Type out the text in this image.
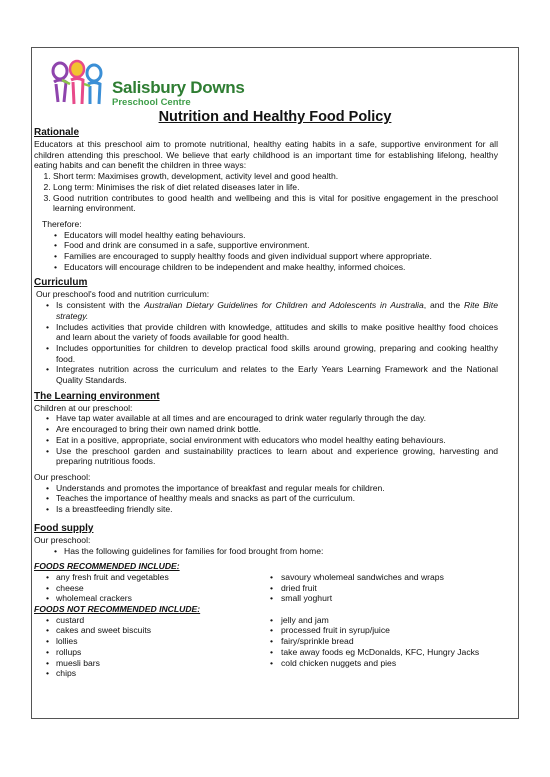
Salisbury Downs
Preschool Centre
Nutrition and Healthy Food Policy
Rationale
Educators at this preschool aim to promote nutritional, healthy eating habits in a safe, supportive environment for all children attending this preschool. We believe that early childhood is an important time for establishing lifelong, healthy eating habits and can benefit the children in three ways:
1. Short term: Maximises growth, development, activity level and good health.
2. Long term: Minimises the risk of diet related diseases later in life.
3. Good nutrition contributes to good health and wellbeing and this is vital for positive engagement in the preschool learning environment.
Therefore:
• Educators will model healthy eating behaviours.
• Food and drink are consumed in a safe, supportive environment.
• Families are encouraged to supply healthy foods and given individual support where appropriate.
• Educators will encourage children to be independent and make healthy, informed choices.
Curriculum
Our preschool's food and nutrition curriculum:
• Is consistent with the Australian Dietary Guidelines for Children and Adolescents in Australia, and the Rite Bite strategy.
• Includes activities that provide children with knowledge, attitudes and skills to make positive healthy food choices and learn about the variety of foods available for good health.
• Includes opportunities for children to develop practical food skills around growing, preparing and cooking healthy food.
• Integrates nutrition across the curriculum and relates to the Early Years Learning Framework and the National Quality Standards.
The Learning environment
Children at our preschool:
• Have tap water available at all times and are encouraged to drink water regularly through the day.
• Are encouraged to bring their own named drink bottle.
• Eat in a positive, appropriate, social environment with educators who model healthy eating behaviours.
• Use the preschool garden and sustainability practices to learn about and experience growing, harvesting and preparing nutritious foods.
Our preschool:
• Understands and promotes the importance of breakfast and regular meals for children.
• Teaches the importance of healthy meals and snacks as part of the curriculum.
• Is a breastfeeding friendly site.
Food supply
Our preschool:
• Has the following guidelines for families for food brought from home:
FOODS RECOMMENDED INCLUDE:
• any fresh fruit and vegetables
• cheese
• wholemeal crackers
• savoury wholemeal sandwiches and wraps
• dried fruit
• small yoghurt
FOODS NOT RECOMMENDED INCLUDE:
• custard
• cakes and sweet biscuits
• lollies
• rollups
• muesli bars
• chips
• jelly and jam
• processed fruit in syrup/juice
• fairy/sprinkle bread
• take away foods eg McDonalds, KFC, Hungry Jacks
• cold chicken nuggets and pies
